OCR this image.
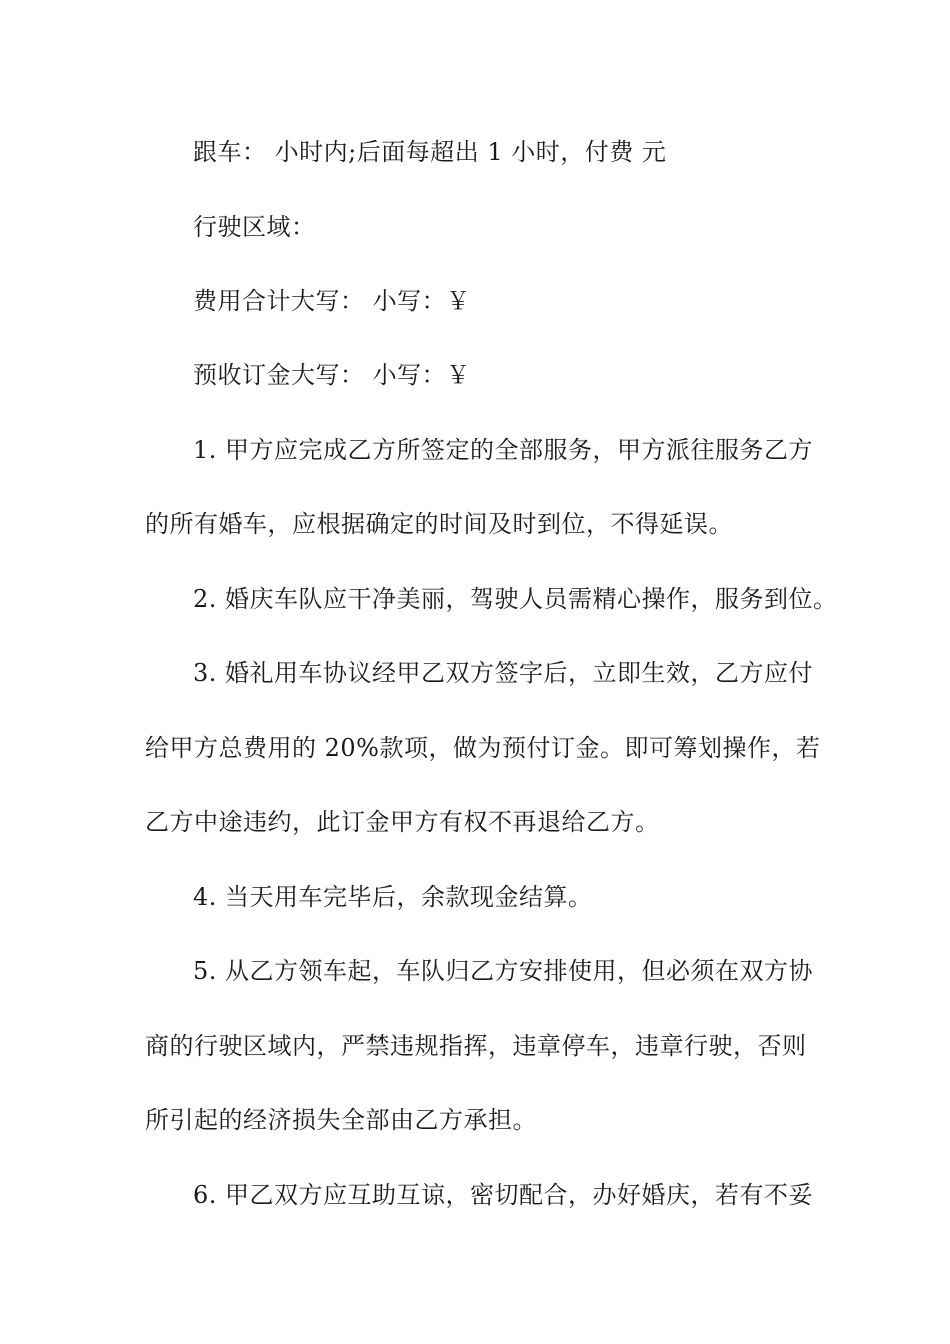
跟车： 小时内;后面每超出 1 小时，付费 元

行驶区域：

费用合计大写： 小写：￥

预收订金大写： 小写：￥

1. 甲方应完成乙方所签定的全部服务，甲方派往服务乙方

的所有婚车，应根据确定的时间及时到位，不得延误。

2. 婚庆车队应干净美丽，驾驶人员需精心操作，服务到位。

3. 婚礼用车协议经甲乙双方签字后，立即生效，乙方应付

给甲方总费用的 20%款项，做为预付订金。即可筹划操作，若

乙方中途违约，此订金甲方有权不再退给乙方。

4. 当天用车完毕后，余款现金结算。

5. 从乙方领车起，车队归乙方安排使用，但必须在双方协

商的行驶区域内，严禁违规指挥，违章停车，违章行驶，否则

所引起的经济损失全部由乙方承担。

6. 甲乙双方应互助互谅，密切配合，办好婚庆，若有不妥
